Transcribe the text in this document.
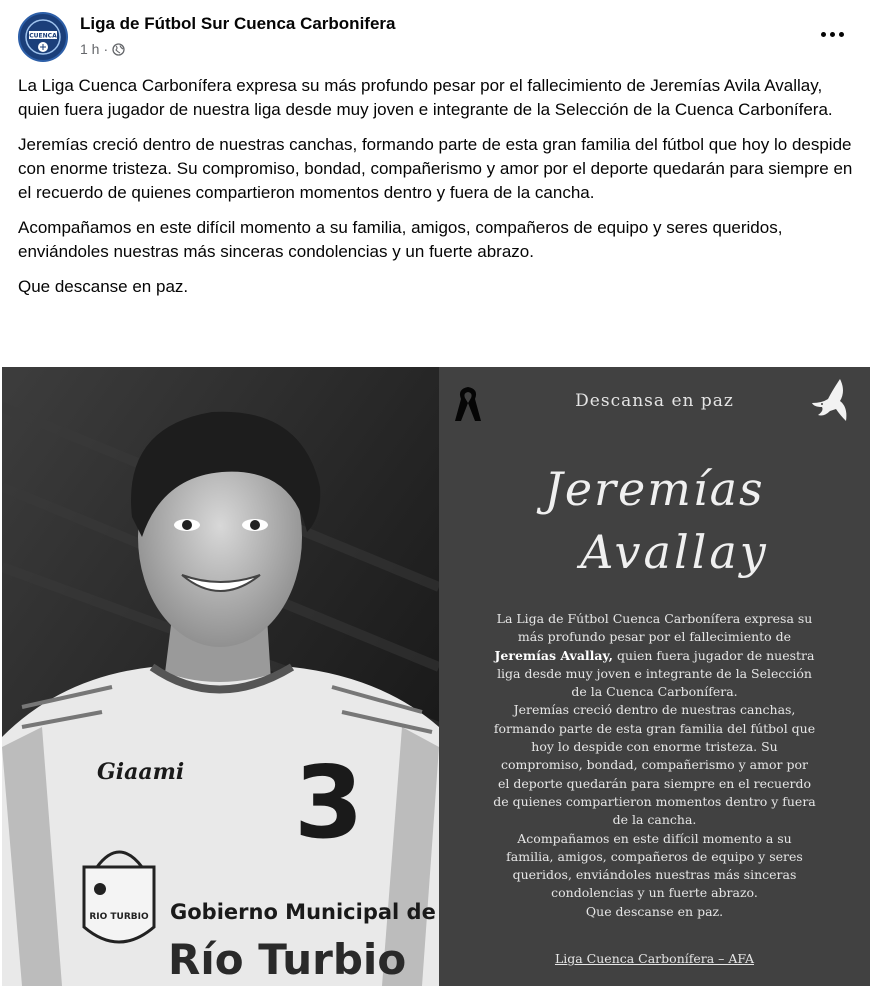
CUENCA
Liga de Fútbol Sur Cuenca Carbonifera
1 h ·

La Liga Cuenca Carbonífera expresa su más profundo pesar por el fallecimiento de Jeremías Avila Avallay, quien fuera jugador de nuestra liga desde muy joven e integrante de la Selección de la Cuenca Carbonífera.

Jeremías creció dentro de nuestras canchas, formando parte de esta gran familia del fútbol que hoy lo despide con enorme tristeza. Su compromiso, bondad, compañerismo y amor por el deporte quedarán para siempre en el recuerdo de quienes compartieron momentos dentro y fuera de la cancha.

Acompañamos en este difícil momento a su familia, amigos, compañeros de equipo y seres queridos, enviándoles nuestras más sinceras condolencias y un fuerte abrazo.

Que descanse en paz.

Giaami 3
RIO TURBIO Gobierno Municipal de
Río Turbio
Descansa en paz
Jeremías
Avallay
La Liga de Fútbol Cuenca Carbonífera expresa su
más profundo pesar por el fallecimiento de
Jeremías Avallay, quien fuera jugador de nuestra
liga desde muy joven e integrante de la Selección
de la Cuenca Carbonífera.
Jeremías creció dentro de nuestras canchas,
formando parte de esta gran familia del fútbol que
hoy lo despide con enorme tristeza. Su
compromiso, bondad, compañerismo y amor por
el deporte quedarán para siempre en el recuerdo
de quienes compartieron momentos dentro y fuera
de la cancha.
Acompañamos en este difícil momento a su
familia, amigos, compañeros de equipo y seres
queridos, enviándoles nuestras más sinceras
condolencias y un fuerte abrazo.
Que descanse en paz.
Liga Cuenca Carbonífera – AFA
